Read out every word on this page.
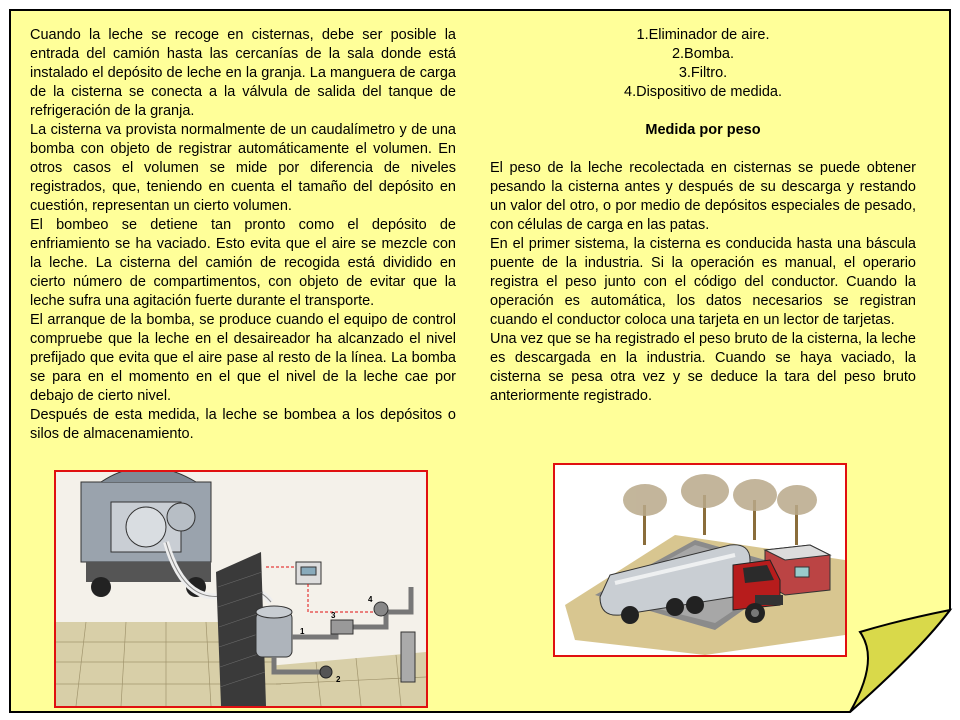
Cuando la leche se recoge en cisternas, debe ser posible la entrada del camión hasta las cercanías de la sala donde está instalado el depósito de leche en la granja. La manguera de carga de la cisterna se conecta a la válvula de salida del tanque de refrigeración de la granja.

La cisterna va provista normalmente de un caudalímetro y de una bomba con objeto de registrar automáticamente el volumen. En otros casos el volumen se mide por diferencia de niveles registrados, que, teniendo en cuenta el tamaño del depósito en cuestión, representan un cierto volumen.

El bombeo se detiene tan pronto como el depósito de enfriamiento se ha vaciado. Esto evita que el aire se mezcle con la leche. La cisterna del camión de recogida está dividido en cierto número de compartimentos, con objeto de evitar que la leche sufra una agitación fuerte durante el transporte.

El arranque de la bomba, se produce cuando el equipo de control compruebe que la leche en el desaireador ha alcanzado el nivel prefijado que evita que el aire pase al resto de la línea. La bomba se para en el momento en el que el nivel de la leche cae por debajo de cierto nivel.

Después de esta medida, la leche se bombea a los depósitos o silos de almacenamiento.

1.Eliminador de aire.
2.Bomba.
3.Filtro.
4.Dispositivo de medida.
Medida por peso

El peso de la leche recolectada en cisternas se puede obtener pesando la cisterna antes y después de su descarga y restando un valor del otro, o por medio de depósitos especiales de pesado, con células de carga en las patas.

En el primer sistema, la cisterna es conducida hasta una báscula puente de la industria. Si la operación es manual, el operario registra el peso junto con el código del conductor. Cuando la operación es automática, los datos necesarios se registran cuando el conductor coloca una tarjeta en un lector de tarjetas.

Una vez que se ha registrado el peso bruto de la cisterna, la leche es descargada en la industria. Cuando se haya vaciado, la cisterna se pesa otra vez y se deduce la tara del peso bruto anteriormente registrado.

1
2
3
4
